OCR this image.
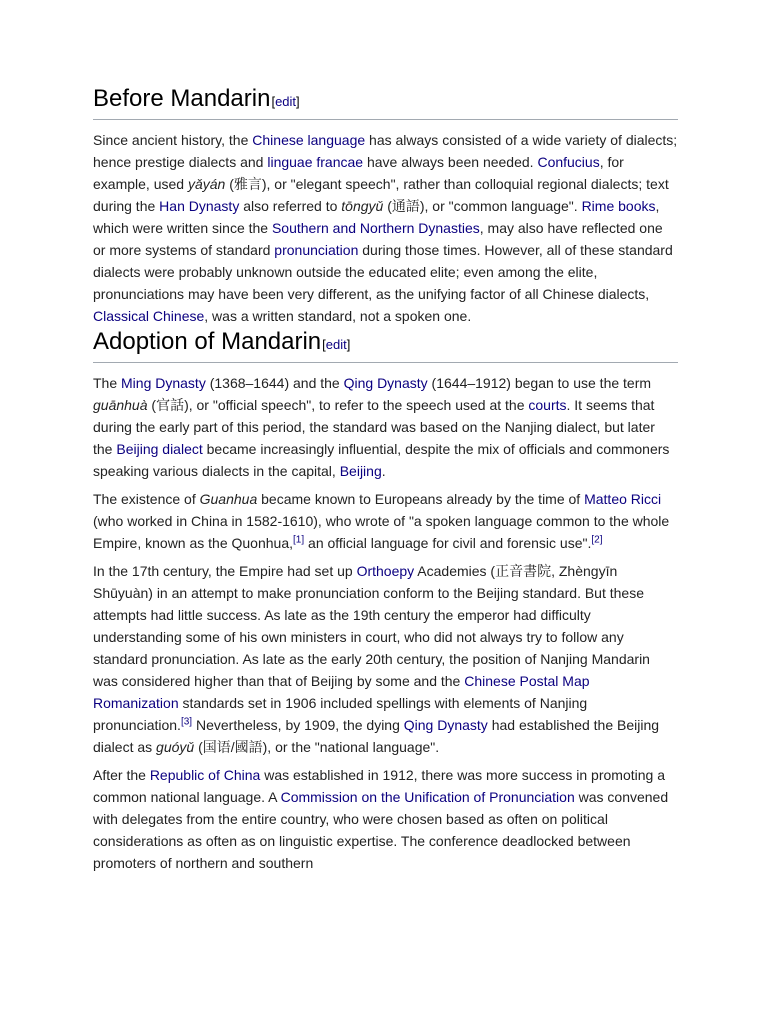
Before Mandarin[edit]

Since ancient history, the Chinese language has always consisted of a wide variety of dialects; hence prestige dialects and linguae francae have always been needed. Confucius, for example, used yǎyán (雅言), or "elegant speech", rather than colloquial regional dialects; text during the Han Dynasty also referred to tōngyǔ (通語), or "common language". Rime books, which were written since the Southern and Northern Dynasties, may also have reflected one or more systems of standard pronunciation during those times. However, all of these standard dialects were probably unknown outside the educated elite; even among the elite, pronunciations may have been very different, as the unifying factor of all Chinese dialects, Classical Chinese, was a written standard, not a spoken one.

Adoption of Mandarin[edit]

The Ming Dynasty (1368–1644) and the Qing Dynasty (1644–1912) began to use the term guānhuà (官話), or "official speech", to refer to the speech used at the courts. It seems that during the early part of this period, the standard was based on the Nanjing dialect, but later the Beijing dialect became increasingly influential, despite the mix of officials and commoners speaking various dialects in the capital, Beijing.

The existence of Guanhua became known to Europeans already by the time of Matteo Ricci (who worked in China in 1582-1610), who wrote of "a spoken language common to the whole Empire, known as the Quonhua,[1] an official language for civil and forensic use".[2]

In the 17th century, the Empire had set up Orthoepy Academies (正音書院, Zhèngyīn Shūyuàn) in an attempt to make pronunciation conform to the Beijing standard. But these attempts had little success. As late as the 19th century the emperor had difficulty understanding some of his own ministers in court, who did not always try to follow any standard pronunciation. As late as the early 20th century, the position of Nanjing Mandarin was considered higher than that of Beijing by some and the Chinese Postal Map Romanization standards set in 1906 included spellings with elements of Nanjing pronunciation.[3] Nevertheless, by 1909, the dying Qing Dynasty had established the Beijing dialect as guóyǔ (国语/國語), or the "national language".

After the Republic of China was established in 1912, there was more success in promoting a common national language. A Commission on the Unification of Pronunciation was convened with delegates from the entire country, who were chosen based as often on political considerations as often as on linguistic expertise. The conference deadlocked between promoters of northern and southern
